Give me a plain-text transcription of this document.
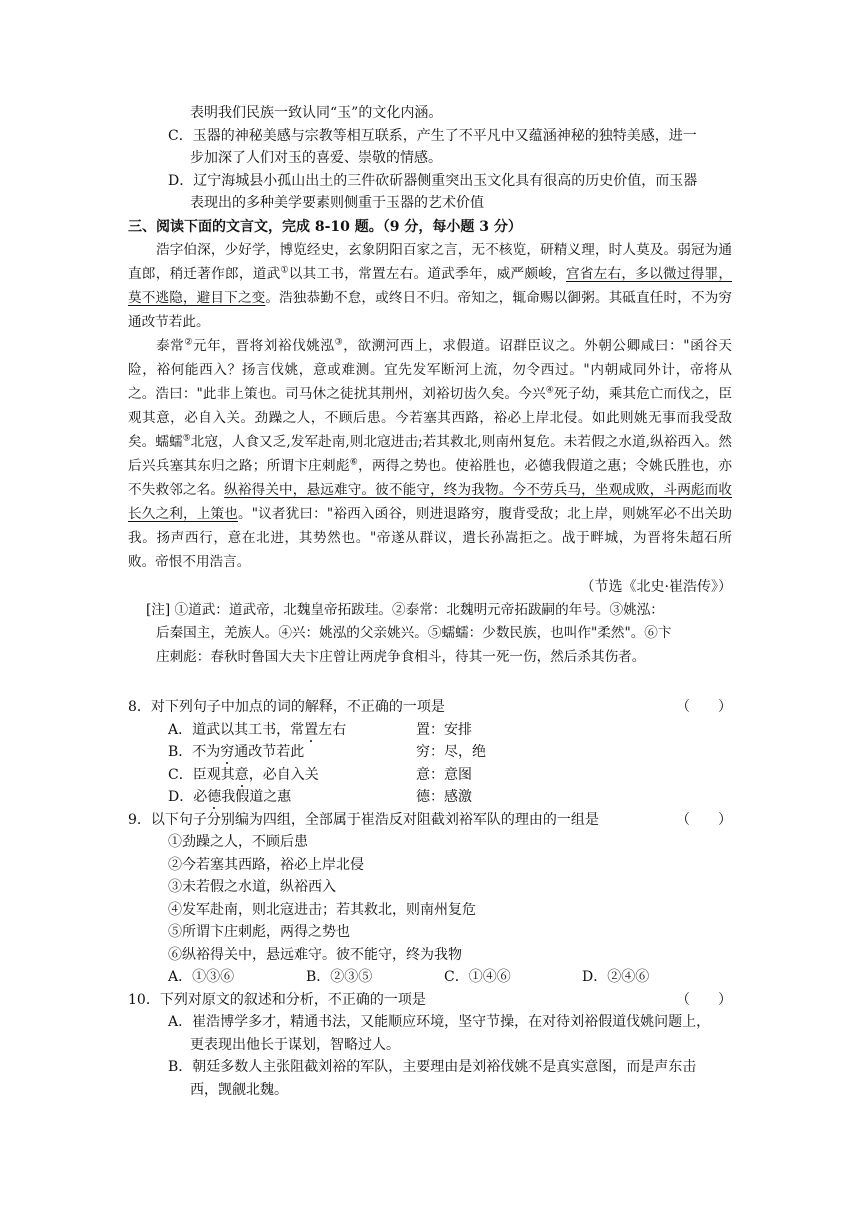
表明我们民族一致认同“玉”的文化内涵。
C．玉器的神秘美感与宗教等相互联系，产生了不平凡中又蕴涵神秘的独特美感，进一
步加深了人们对玉的喜爱、崇敬的情感。
D．辽宁海城县小孤山出土的三件砍斫器侧重突出玉文化具有很高的历史价值，而玉器
表现出的多种美学要素则侧重于玉器的艺术价值
三、阅读下面的文言文，完成 8-10 题。（9 分，每小题 3 分）
浩字伯深，少好学，博览经史，玄象阴阳百家之言，无不核览，研精义理，时人莫及。弱冠为通直郎，稍迁著作郎，道武①以其工书，常置左右。道武季年，威严颇峻，宫省左右，多以微过得罪，莫不逃隐，避目下之变。浩独恭勤不怠，或终日不归。帝知之，辄命赐以御粥。其砥直任时，不为穷通改节若此。
泰常②元年，晋将刘裕伐姚泓③，欲溯河西上，求假道。诏群臣议之。外朝公卿咸曰："函谷天险，裕何能西入？扬言伐姚，意或难测。宜先发军断河上流，勿令西过。"内朝咸同外计，帝将从之。浩曰："此非上策也。司马休之徒扰其荆州，刘裕切齿久矣。今兴④死子幼，乘其危亡而伐之，臣观其意，必自入关。劲躁之人，不顾后患。今若塞其西路，裕必上岸北侵。如此则姚无事而我受敌矣。蠕蠕⑤北寇，人食又乏,发军赴南,则北寇进击;若其救北,则南州复危。未若假之水道,纵裕西入。然后兴兵塞其东归之路；所谓卞庄刺彪⑥，两得之势也。使裕胜也，必德我假道之惠；令姚氏胜也，亦不失救邻之名。纵裕得关中，悬远难守。彼不能守，终为我物。今不劳兵马，坐观成败，斗两彪而收长久之利，上策也。"议者犹曰："裕西入函谷，则进退路穷，腹背受敌；北上岸，则姚军必不出关助我。扬声西行，意在北进，其势然也。"帝遂从群议，遣长孙嵩拒之。战于畔城，为晋将朱超石所败。帝恨不用浩言。
（节选《北史·崔浩传》）
[注] ①道武：道武帝，北魏皇帝拓跋珪。②泰常：北魏明元帝拓跋嗣的年号。③姚泓：
后秦国主，羌族人。④兴：姚泓的父亲姚兴。⑤蠕蠕：少数民族，也叫作"柔然"。⑥卞
庄刺彪：春秋时鲁国大夫卞庄曾让两虎争食相斗，待其一死一伤，然后杀其伤者。
8．对下列句子中加点的词的解释，不正确的一项是	（　　）
A．道武以其工书，常置左右	置：安排
B．不为穷通改节若此	穷：尽，绝
C．臣观其意，必自入关	意：意图
D．必德我假道之惠	德：感激
9．以下句子分别编为四组，全部属于崔浩反对阻截刘裕军队的理由的一组是	（　　）
①劲躁之人，不顾后患
②今若塞其西路，裕必上岸北侵
③未若假之水道，纵裕西入
④发军赴南，则北寇进击；若其救北，则南州复危
⑤所谓卞庄刺彪，两得之势也
⑥纵裕得关中，悬远难守。彼不能守，终为我物
A．①③⑥	B．②③⑤	C．①④⑥	D．②④⑥
10．下列对原文的叙述和分析，不正确的一项是	（　　）
A．崔浩博学多才，精通书法，又能顺应环境，坚守节操，在对待刘裕假道伐姚问题上，
更表现出他长于谋划，智略过人。
B．朝廷多数人主张阻截刘裕的军队，主要理由是刘裕伐姚不是真实意图，而是声东击
西，觊觎北魏。
